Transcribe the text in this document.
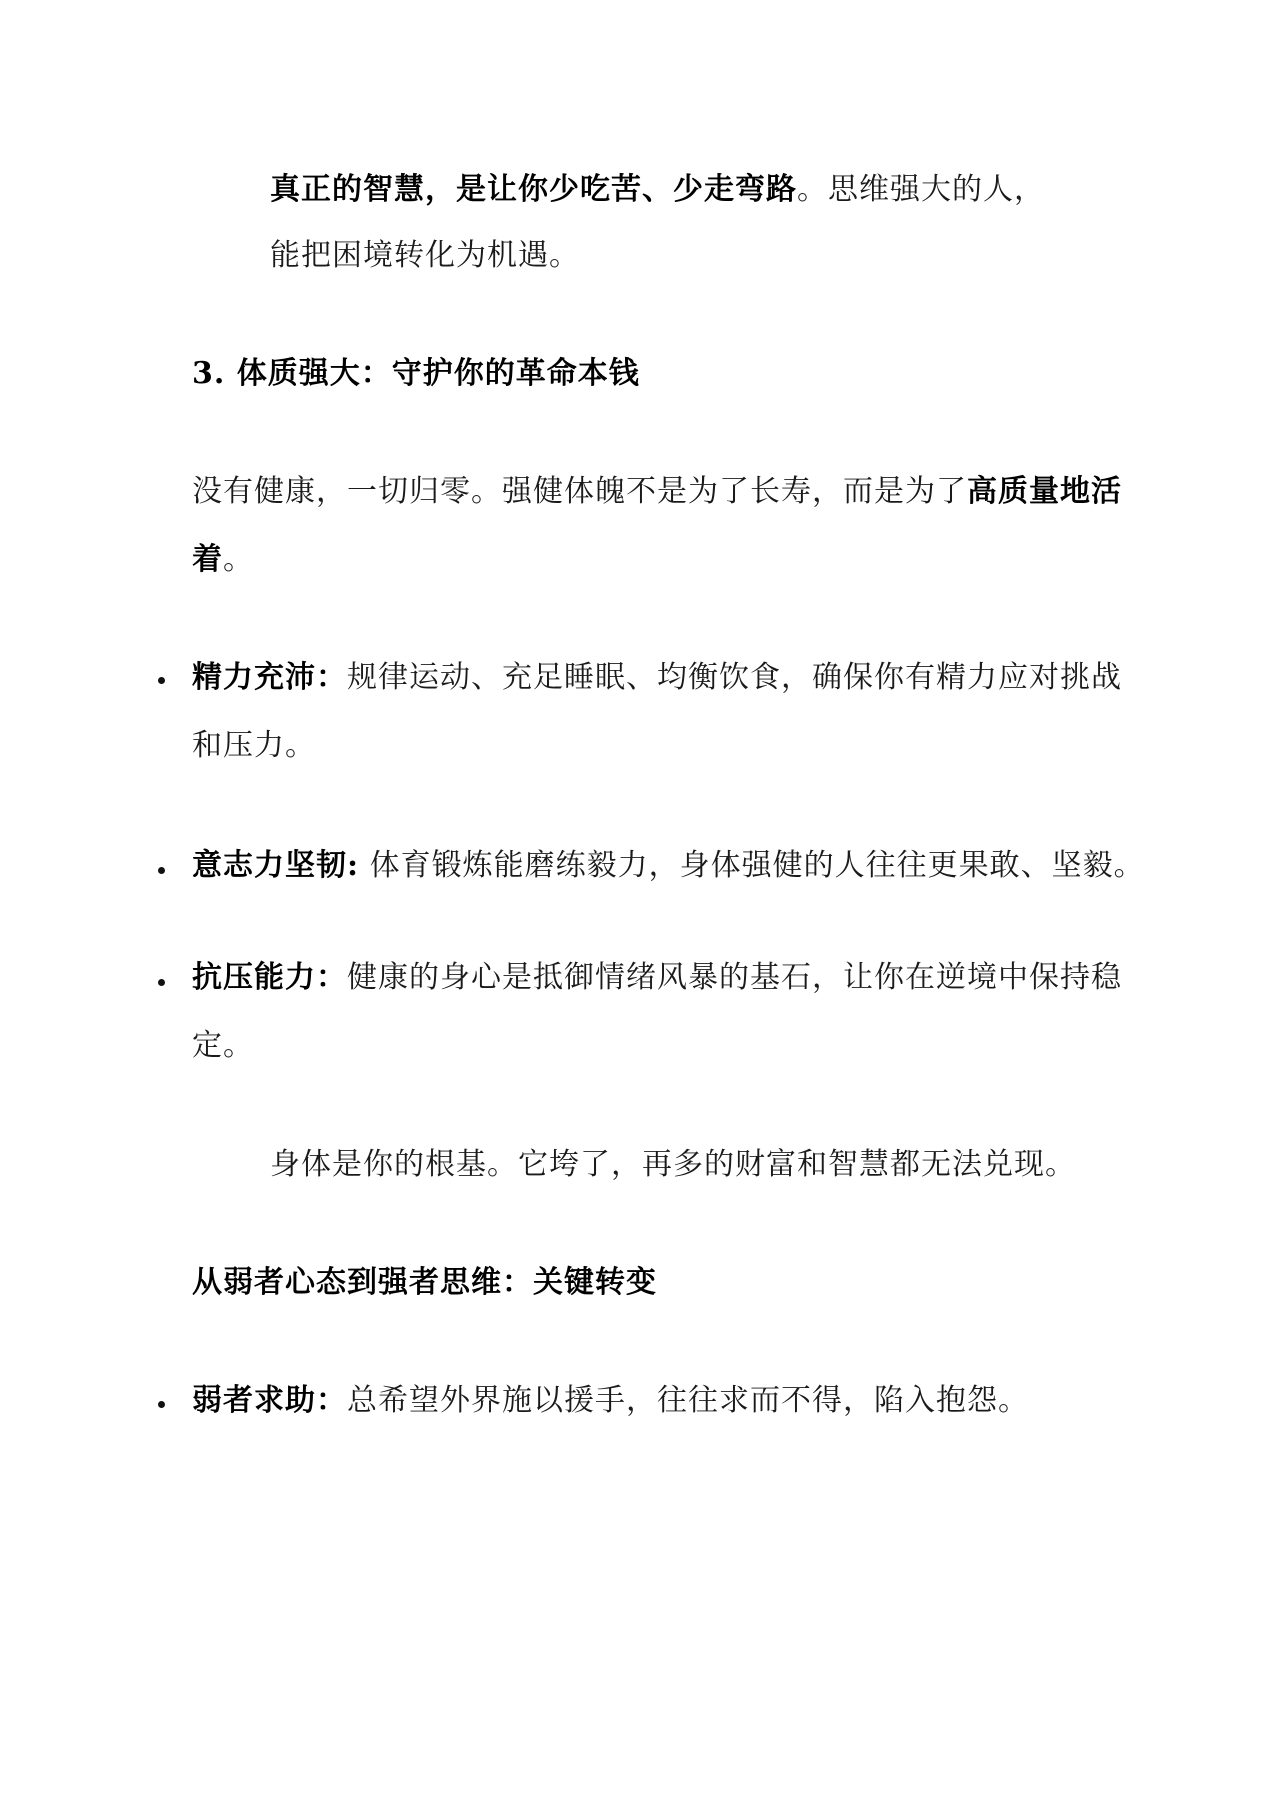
真正的智慧，是让你少吃苦、少走弯路。思维强大的人，
能把困境转化为机遇。
3. 体质强大：守护你的革命本钱
没有健康，一切归零。强健体魄不是为了长寿，而是为了高质量地活
着。
精力充沛：规律运动、充足睡眠、均衡饮食，确保你有精力应对挑战
和压力。
意志力坚韧: 体育锻炼能磨练毅力，身体强健的人往往更果敢、坚毅。
抗压能力：健康的身心是抵御情绪风暴的基石，让你在逆境中保持稳
定。
身体是你的根基。它垮了，再多的财富和智慧都无法兑现。
从弱者心态到强者思维：关键转变
弱者求助：总希望外界施以援手，往往求而不得，陷入抱怨。
